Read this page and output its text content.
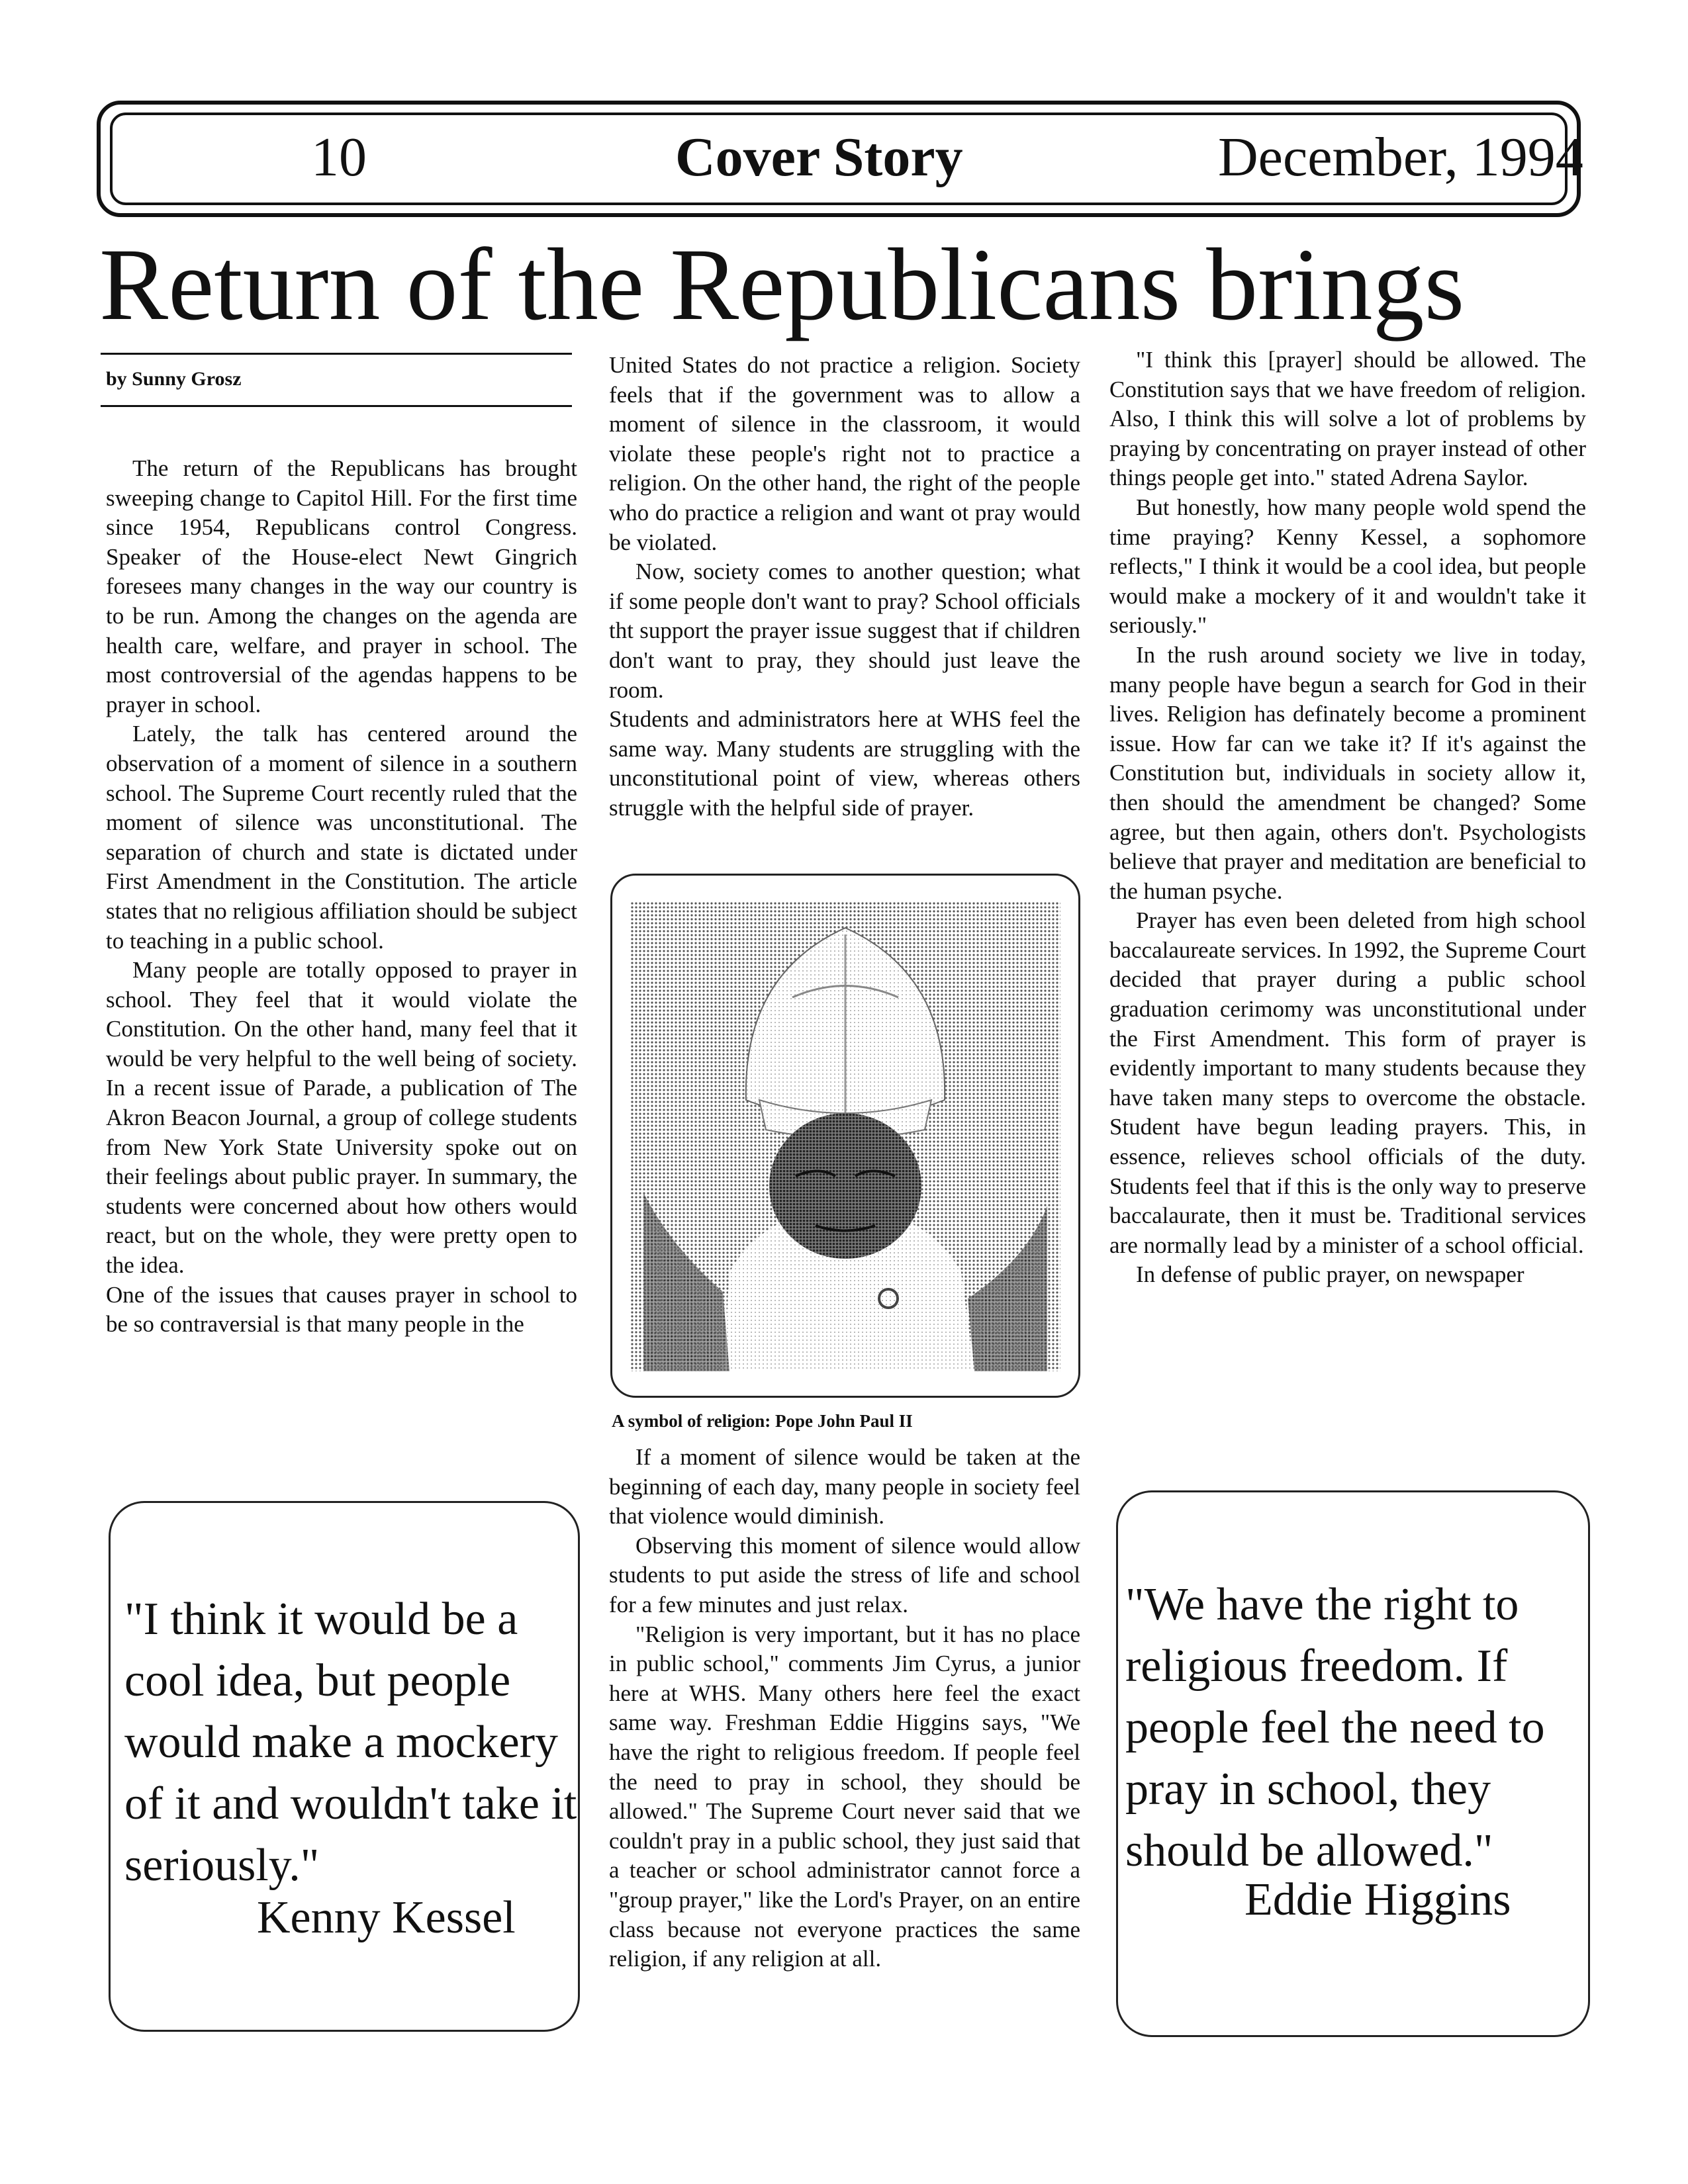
10	Cover Story	December, 1994
Return of the Republicans brings
by Sunny Grosz

The return of the Republicans has brought sweeping change to Capitol Hill. For the first time since 1954, Republicans control Congress. Speaker of the House-elect Newt Gingrich foresees many changes in the way our country is to be run. Among the changes on the agenda are health care, welfare, and prayer in school. The most controversial of the agendas happens to be prayer in school.

Lately, the talk has centered around the observation of a moment of silence in a southern school. The Supreme Court recently ruled that the moment of silence was unconstitutional. The separation of church and state is dictated under First Amendment in the Constitution. The article states that no religious affiliation should be subject to teaching in a public school.

Many people are totally opposed to prayer in school. They feel that it would violate the Constitution. On the other hand, many feel that it would be very helpful to the well being of society. In a recent issue of Parade, a publication of The Akron Beacon Journal, a group of college students from New York State University spoke out on their feelings about public prayer. In summary, the students were concerned about how others would react, but on the whole, they were pretty open to the idea.

One of the issues that causes prayer in school to be so contraversial is that many people in the

United States do not practice a religion. Society feels that if the government was to allow a moment of silence in the classroom, it would violate these people's right not to practice a religion. On the other hand, the right of the people who do practice a religion and want ot pray would be violated.

Now, society comes to another question; what if some people don't want to pray? School officials tht support the prayer issue suggest that if children don't want to pray, they should just leave the room.

Students and administrators here at WHS feel the same way. Many students are struggling with the unconstitutional point of view, whereas others struggle with the helpful side of prayer.

A symbol of religion: Pope John Paul II

If a moment of silence would be taken at the beginning of each day, many people in society feel that violence would diminish.

Observing this moment of silence would allow students to put aside the stress of life and school for a few minutes and just relax.

"Religion is very important, but it has no place in public school," comments Jim Cyrus, a junior here at WHS. Many others here feel the exact same way. Freshman Eddie Higgins says, "We have the right to religious freedom. If people feel the need to pray in school, they should be allowed." The Supreme Court never said that we couldn't pray in a public school, they just said that a teacher or school administrator cannot force a "group prayer," like the Lord's Prayer, on an entire class because not everyone practices the same religion, if any religion at all.

"I think this [prayer] should be allowed. The Constitution says that we have freedom of religion. Also, I think this will solve a lot of problems by praying by concentrating on prayer instead of other things people get into." stated Adrena Saylor.

But honestly, how many people wold spend the time praying? Kenny Kessel, a sophomore reflects," I think it would be a cool idea, but people would make a mockery of it and wouldn't take it seriously."

In the rush around society we live in today, many people have begun a search for God in their lives. Religion has definately become a prominent issue. How far can we take it? If it's against the Constitution but, individuals in society allow it, then should the amendment be changed? Some agree, but then again, others don't. Psychologists believe that prayer and meditation are beneficial to the human psyche.

Prayer has even been deleted from high school baccalaureate services. In 1992, the Supreme Court decided that prayer during a public school graduation cerimomy was unconstitutional under the First Amendment. This form of prayer is evidently important to many students because they have taken many steps to overcome the obstacle. Student have begun leading prayers. This, in essence, relieves school officials of the duty. Students feel that if this is the only way to preserve baccalaurate, then it must be. Traditional services are normally lead by a minister of a school official.

In defense of public prayer, on newspaper

"I think it would be a cool idea, but people would make a mockery of it and wouldn't take it seriously."
Kenny Kessel
"We have the right to religious freedom. If people feel the need to pray in school, they should be allowed."
Eddie Higgins
